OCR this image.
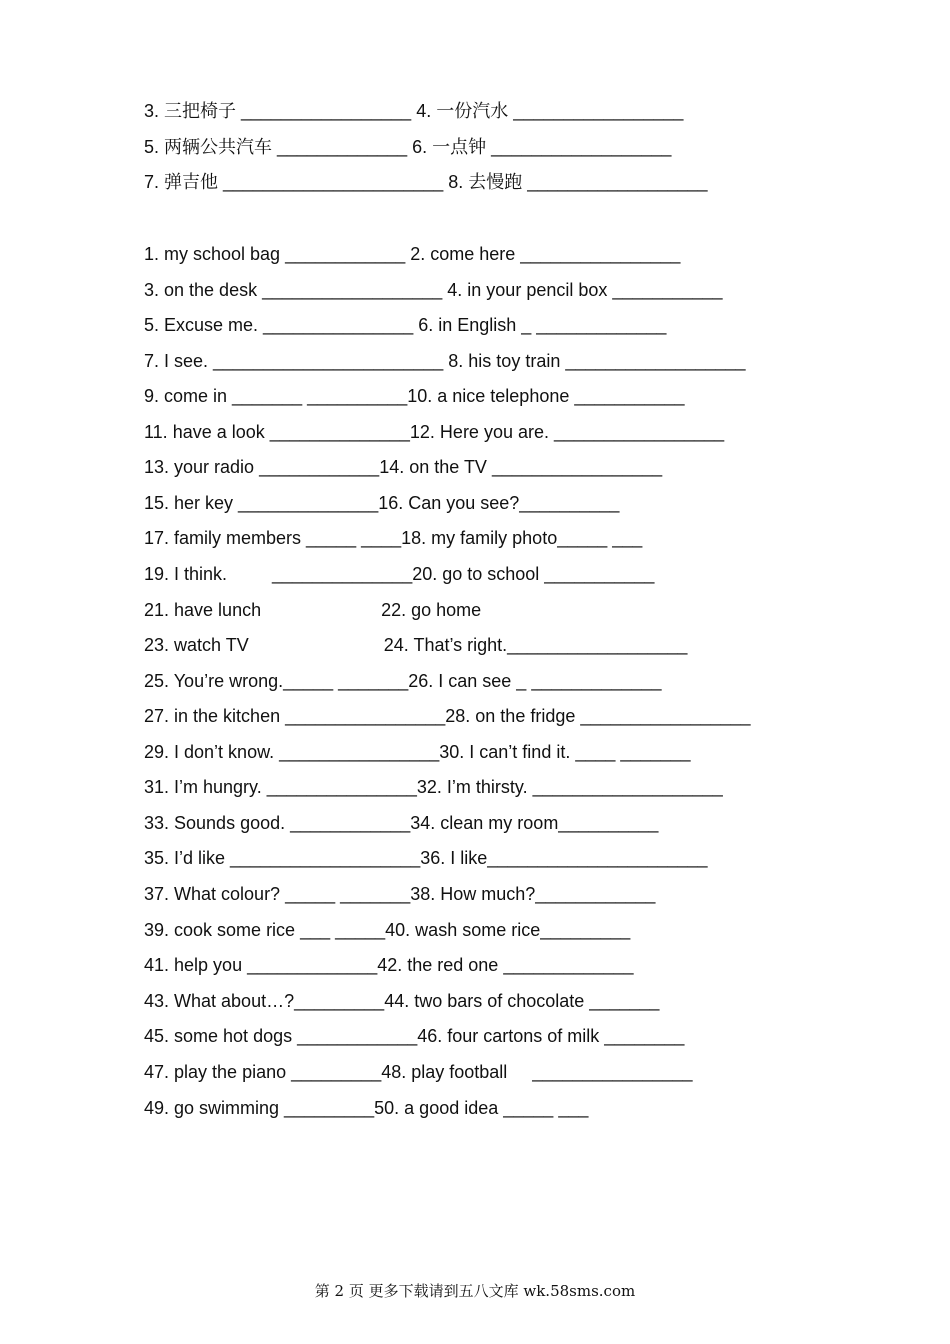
3. 三把椅子 _________________ 4. 一份汽水 _________________
5. 两辆公共汽车 _____________ 6. 一点钟 __________________
7. 弹吉他 ______________________ 8. 去慢跑 __________________
1. my school bag ____________ 2. come here ________________
3. on the desk __________________ 4. in your pencil box ___________
5. Excuse me. _______________ 6. in English _ _____________
7. I see. _______________________ 8. his toy train __________________
9. come in _______ __________10. a nice telephone ___________
11. have a look ______________12. Here you are. _________________
13. your radio ____________14. on the TV _________________
15. her key ______________16. Can you see?__________
17. family members _____ ____18. my family photo_____ ___
19. I think.         ______________20. go to school ___________
21. have lunch                        22. go home
23. watch TV                           24. That’s right.__________________
25. You’re wrong._____ _______26. I can see _ _____________
27. in the kitchen ________________28. on the fridge _________________
29. I don’t know. ________________30. I can’t find it. ____ _______
31. I’m hungry. _______________32. I’m thirsty. ___________________
33. Sounds good. ____________34. clean my room__________
35. I’d like ___________________36. I like______________________
37. What colour? _____ _______38. How much?____________
39. cook some rice ___ _____40. wash some rice_________
41. help you _____________42. the red one _____________
43. What about…?_________44. two bars of chocolate _______
45. some hot dogs ____________46. four cartons of milk ________
47. play the piano _________48. play football     ________________
49. go swimming _________50. a good idea _____ ___
第 2 页 更多下载请到五八文库 wk.58sms.com
